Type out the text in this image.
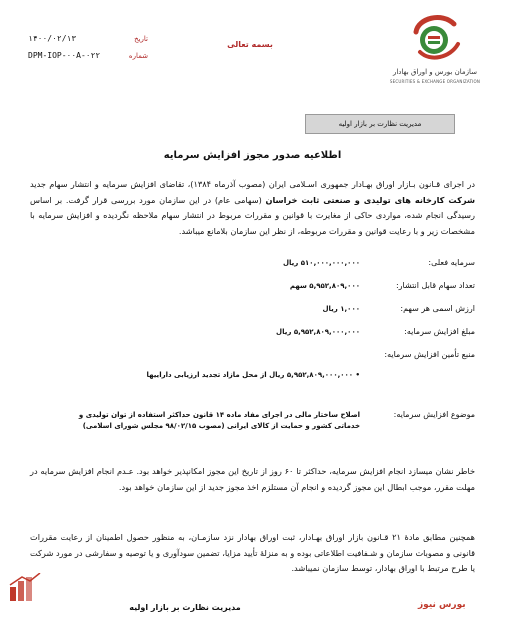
۱۴۰۰/۰۲/۱۳	تاریخ
DPM-IOP-۰۰A-۰۲۲	شماره
بسمه تعالی
سازمان بورس و اوراق بهادار
SECURITIES & EXCHANGE ORGANIZATION
مدیریت نظارت بر بازار اولیه
اطلاعیه صدور مجوز افزایش سرمایه
در اجرای قـانون بـازار اوراق بهـادار جمهوری اسـلامی ایران (مصوب آذرماه ۱۳۸۴)، تقاضای افزایش سرمایه و انتشار سهام جدید شرکت کارخانه های تولیدی و صنعتی ثابت خراسان (سهامی عام) در این سازمان مورد بررسی قرار گرفت. بر اساس رسیدگی انجام شده، مواردی حاکی از مغایرت با قوانین و مقررات مربوط در انتشار سهام ملاحظه نگردیده و افزایش سرمایه با مشخصات زیر و با رعایت قوانین و مقررات مربوطه، از نظر این سازمان بلامانع میباشد.
سرمایه فعلی:
۵۱۰,۰۰۰,۰۰۰,۰۰۰ ریال
تعداد سهام قابل انتشار:
۵,۹۵۲,۸۰۹,۰۰۰ سهم
ارزش اسمی هر سهم:
۱,۰۰۰ ریال
مبلغ افزایش سرمایه:
۵,۹۵۲,۸۰۹,۰۰۰,۰۰۰ ریال
منبع تأمین افزایش سرمایه:
• ۵,۹۵۲,۸۰۹,۰۰۰,۰۰۰ ریال از محل مازاد تجدید ارزیابی داراییها
موضوع افزایش سرمایه:
اصلاح ساختار مالی در اجرای مفاد ماده ۱۴ قانون حداکثر استفاده از توان تولیدی و خدماتی کشور و حمایت از کالای ایرانی (مصوب ۹۸/۰۲/۱۵ مجلس شورای اسلامی)
خاطر نشان میسازد انجام افزایش سرمایه، حداکثر تا ۶۰ روز از تاریخ این مجوز امکانپذیر خواهد بود. عـدم انجام افزایش سرمایه در مهلت مقرر، موجب ابطال این مجوز گردیده و انجام آن مستلزم اخذ مجوز جدید از این سازمان خواهد بود.
همچنین مطابق مادۀ ۲۱ قـانون بازار اوراق بهـادار، ثبت اوراق بهادار نزد سازمـان، به منظور حصول اطمینان از رعایت مقررات قانونی و مصوبات سازمان و شـفافیت اطلاعاتی بوده و به منزلۀ تأیید مزایا، تضمین سودآوری و یا توصیه و سفارشی در مورد شرکت یا طرح مرتبط با اوراق بهادار، توسط سازمان نمیباشد.
مدیریت نظارت بر بازار اولیه	بورس نیوز
